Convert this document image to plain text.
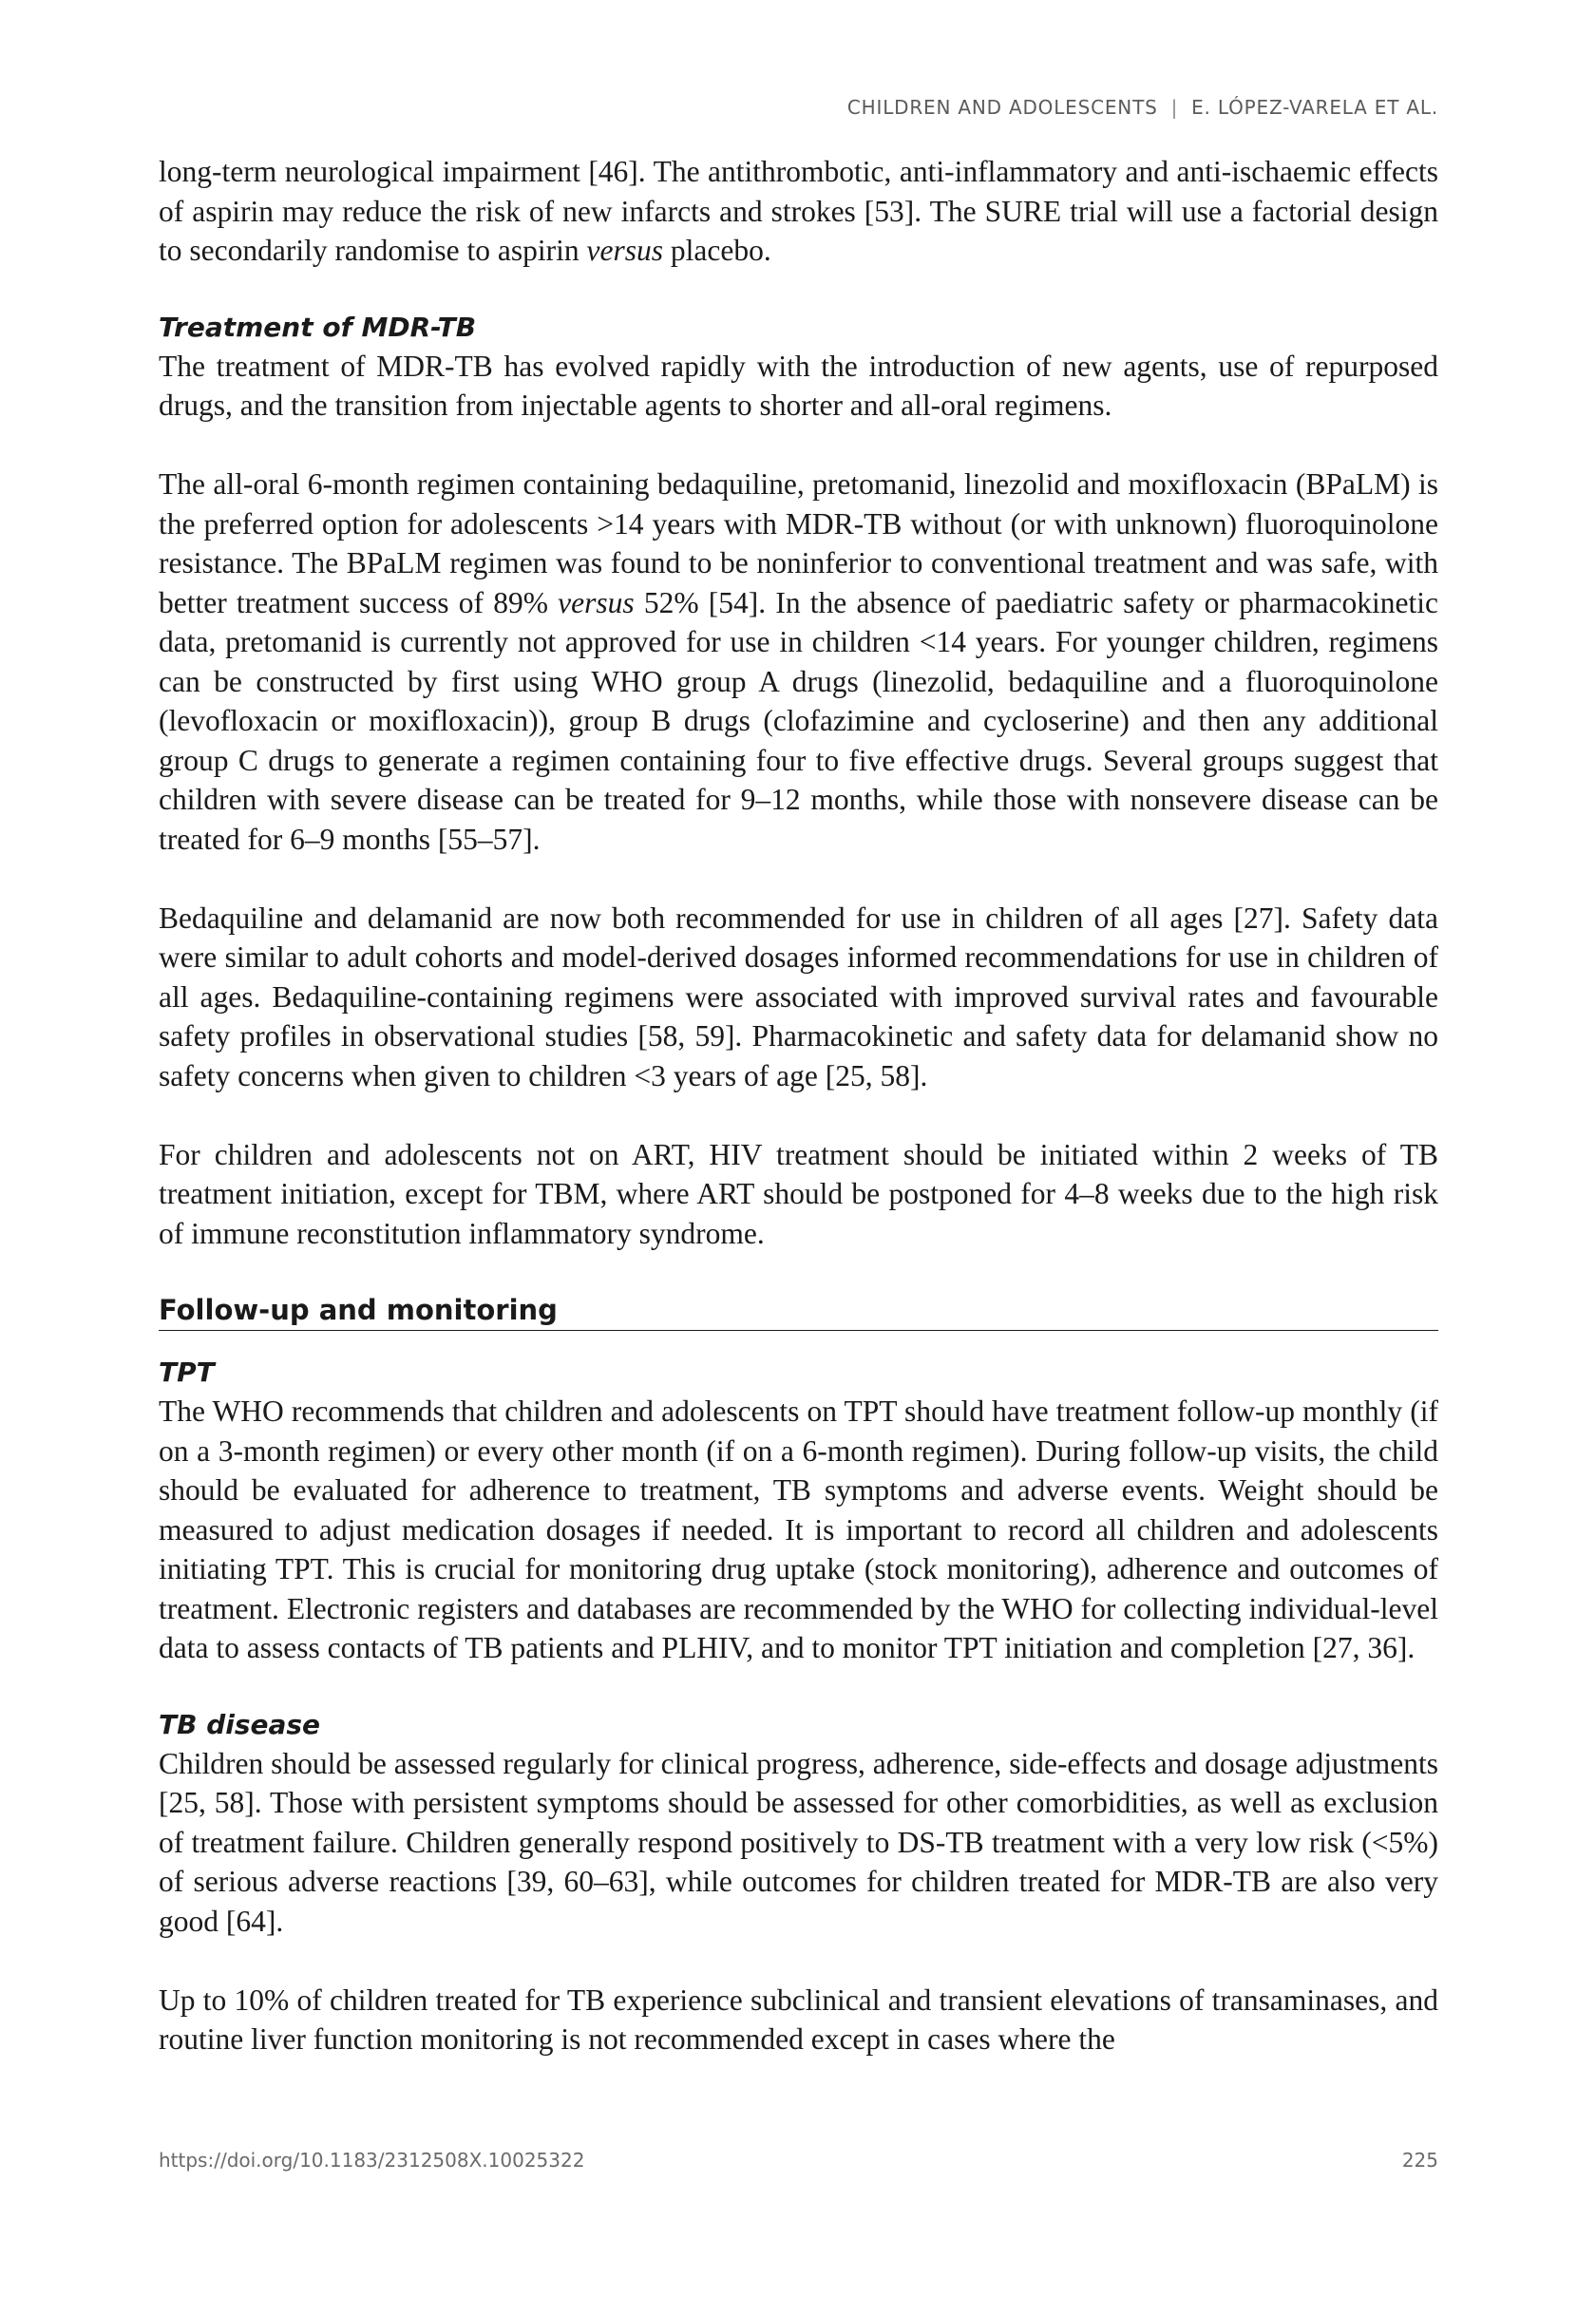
CHILDREN AND ADOLESCENTS | E. LÓPEZ-VARELA ET AL.

long-term neurological impairment [46]. The antithrombotic, anti-inflammatory and anti-ischaemic effects of aspirin may reduce the risk of new infarcts and strokes [53]. The SURE trial will use a factorial design to secondarily randomise to aspirin versus placebo.

Treatment of MDR-TB

The treatment of MDR-TB has evolved rapidly with the introduction of new agents, use of repurposed drugs, and the transition from injectable agents to shorter and all-oral regimens.

The all-oral 6-month regimen containing bedaquiline, pretomanid, linezolid and moxifloxacin (BPaLM) is the preferred option for adolescents >14 years with MDR-TB without (or with unknown) fluoroquinolone resistance. The BPaLM regimen was found to be noninferior to conventional treatment and was safe, with better treatment success of 89% versus 52% [54]. In the absence of paediatric safety or pharmacokinetic data, pretomanid is currently not approved for use in children <14 years. For younger children, regimens can be constructed by first using WHO group A drugs (linezolid, bedaquiline and a fluoroquinolone (levofloxacin or moxifloxacin)), group B drugs (clofazimine and cycloserine) and then any additional group C drugs to generate a regimen containing four to five effective drugs. Several groups suggest that children with severe disease can be treated for 9–12 months, while those with nonsevere disease can be treated for 6–9 months [55–57].

Bedaquiline and delamanid are now both recommended for use in children of all ages [27]. Safety data were similar to adult cohorts and model-derived dosages informed recommendations for use in children of all ages. Bedaquiline-containing regimens were associated with improved survival rates and favourable safety profiles in observational studies [58, 59]. Pharmacokinetic and safety data for delamanid show no safety concerns when given to children <3 years of age [25, 58].

For children and adolescents not on ART, HIV treatment should be initiated within 2 weeks of TB treatment initiation, except for TBM, where ART should be postponed for 4–8 weeks due to the high risk of immune reconstitution inflammatory syndrome.

Follow-up and monitoring
TPT

The WHO recommends that children and adolescents on TPT should have treatment follow-up monthly (if on a 3-month regimen) or every other month (if on a 6-month regimen). During follow-up visits, the child should be evaluated for adherence to treatment, TB symptoms and adverse events. Weight should be measured to adjust medication dosages if needed. It is important to record all children and adolescents initiating TPT. This is crucial for monitoring drug uptake (stock monitoring), adherence and outcomes of treatment. Electronic registers and databases are recommended by the WHO for collecting individual-level data to assess contacts of TB patients and PLHIV, and to monitor TPT initiation and completion [27, 36].

TB disease

Children should be assessed regularly for clinical progress, adherence, side-effects and dosage adjustments [25, 58]. Those with persistent symptoms should be assessed for other comorbidities, as well as exclusion of treatment failure. Children generally respond positively to DS-TB treatment with a very low risk (<5%) of serious adverse reactions [39, 60–63], while outcomes for children treated for MDR-TB are also very good [64].

Up to 10% of children treated for TB experience subclinical and transient elevations of transaminases, and routine liver function monitoring is not recommended except in cases where the

https://doi.org/10.1183/2312508X.10025322	225
